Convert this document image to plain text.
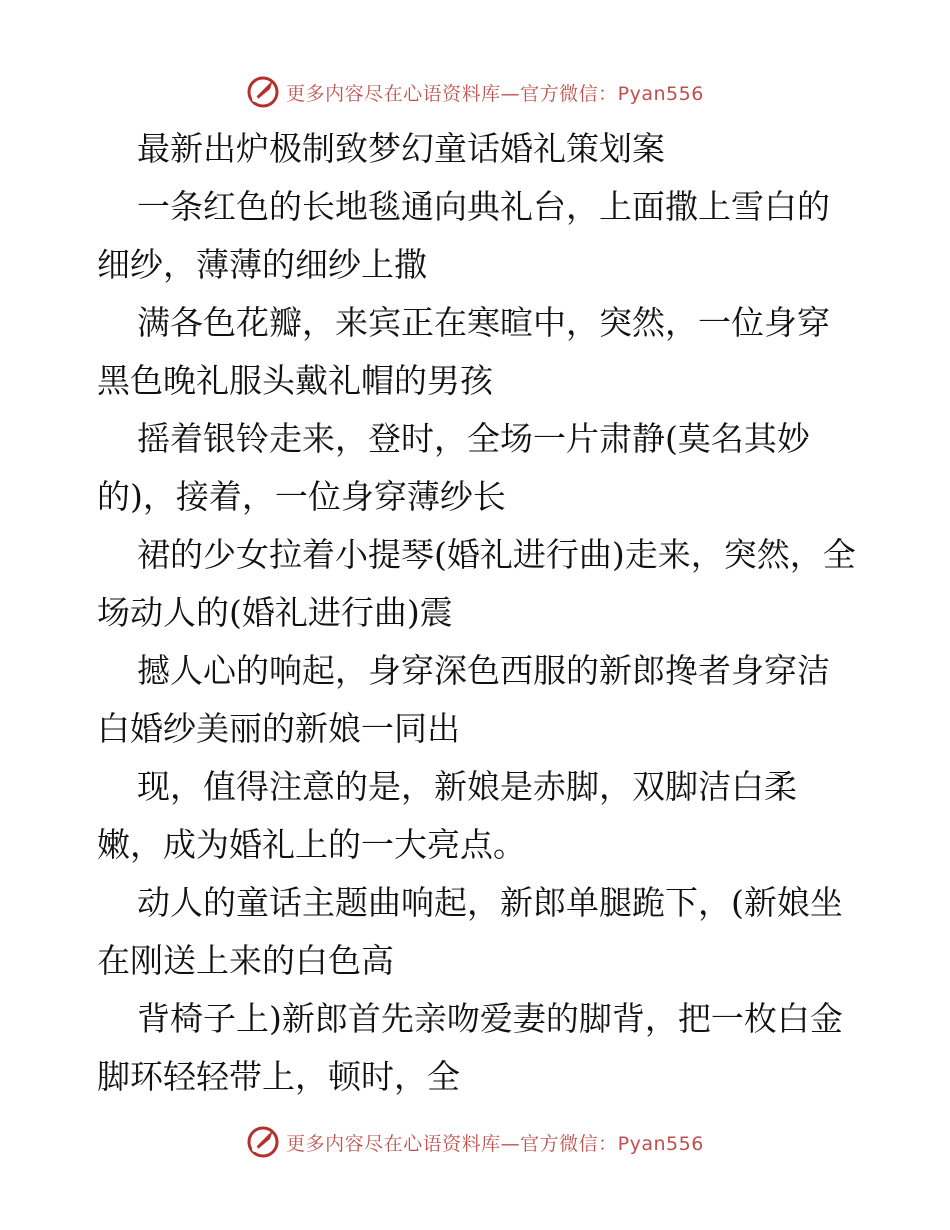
更多内容尽在心语资料库—官方微信：Pyan556

最新出炉极制致梦幻童话婚礼策划案

一条红色的长地毯通向典礼台，上面撒上雪白的细纱，薄薄的细纱上撒

满各色花瓣，来宾正在寒暄中，突然，一位身穿黑色晚礼服头戴礼帽的男孩

摇着银铃走来，登时，全场一片肃静(莫名其妙的)，接着，一位身穿薄纱长

裙的少女拉着小提琴(婚礼进行曲)走来，突然，全场动人的(婚礼进行曲)震

撼人心的响起，身穿深色西服的新郎搀者身穿洁白婚纱美丽的新娘一同出

现，值得注意的是，新娘是赤脚，双脚洁白柔嫩，成为婚礼上的一大亮点。

动人的童话主题曲响起，新郎单腿跪下，(新娘坐在刚送上来的白色高

背椅子上)新郎首先亲吻爱妻的脚背，把一枚白金脚环轻轻带上，顿时，全

更多内容尽在心语资料库—官方微信：Pyan556
